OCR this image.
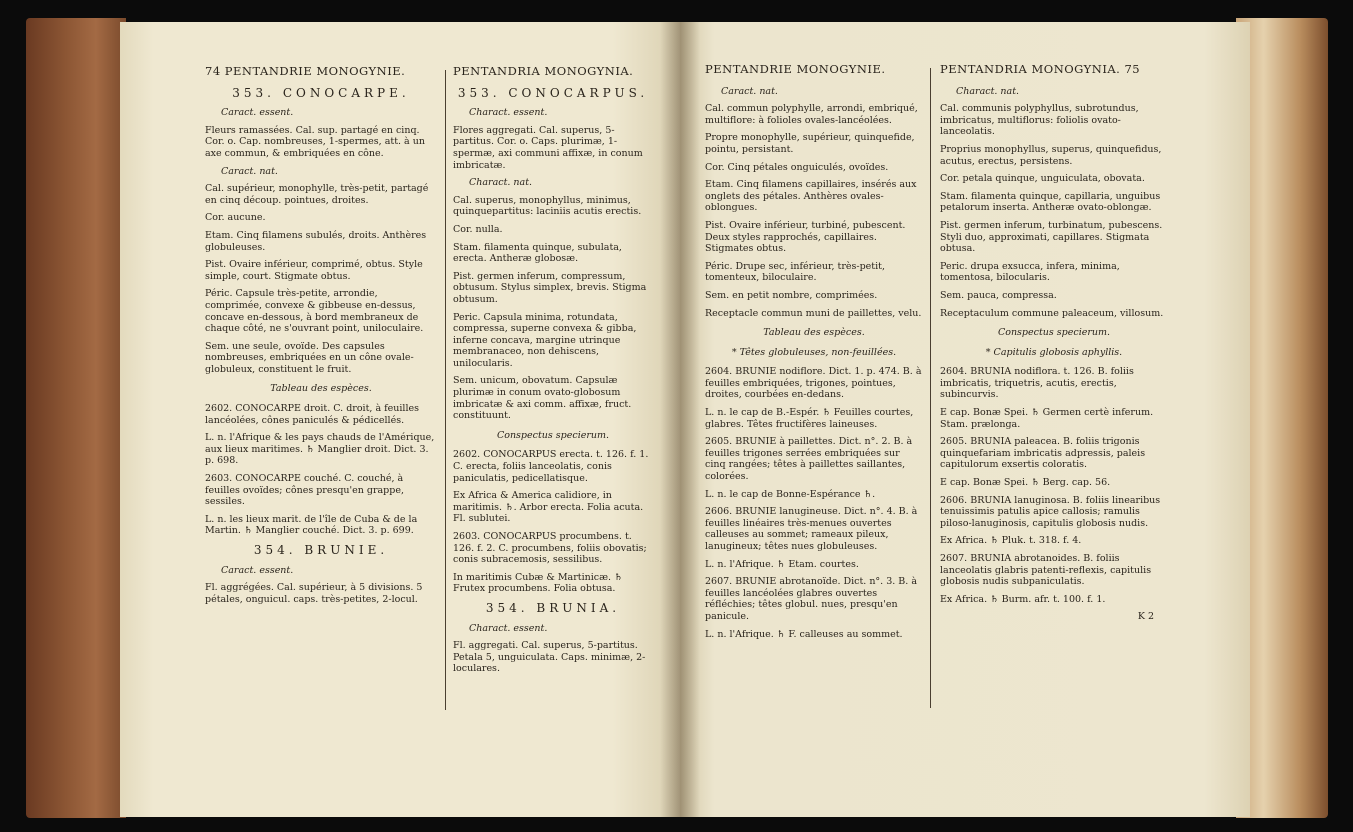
74 PENTANDRIE MONOGYNIE.
353. CONOCARPE.
Caract. essent.
Fleurs ramassées. Cal. sup. partagé en cinq. Cor. o. Cap. nombreuses, 1-spermes, att. à un axe commun, & embriquées en cône.
Caract. nat.
Cal. supérieur, monophylle, très-petit, partagé en cinq découp. pointues, droites.
Cor. aucune.
Etam. Cinq filamens subulés, droits. Anthères globuleuses.
Pist. Ovaire inférieur, comprimé, obtus. Style simple, court. Stigmate obtus.
Péric. Capsule très-petite, arrondie, comprimée, convexe & gibbeuse en-dessus, concave en-dessous, à bord membraneux de chaque côté, ne s'ouvrant point, uniloculaire.
Sem. une seule, ovoïde. Des capsules nombreuses, embriquées en un cône ovale-globuleux, constituent le fruit.
Tableau des espèces.
2602. CONOCARPE droit. C. droit, à feuilles lancéolées, cônes paniculés & pédicellés.
L. n. l'Afrique & les pays chauds de l'Amérique, aux lieux maritimes. ♄ Manglier droit. Dict. 3. p. 698.
2603. CONOCARPE couché. C. couché, à feuilles ovoïdes; cônes presqu'en grappe, sessiles.
L. n. les lieux marit. de l'île de Cuba & de la Martin. ♄ Manglier couché. Dict. 3. p. 699.
354. BRUNIE.
Caract. essent.
Fl. aggrégées. Cal. supérieur, à 5 divisions. 5 pétales, onguicul. caps. très-petites, 2-locul.
PENTANDRIA MONOGYNIA.
353. CONOCARPUS.
Charact. essent.
Flores aggregati. Cal. superus, 5-partitus. Cor. o. Caps. plurimæ, 1-spermæ, axi communi affixæ, in conum imbricatæ.
Charact. nat.
Cal. superus, monophyllus, minimus, quinquepartitus: laciniis acutis erectis.
Cor. nulla.
Stam. filamenta quinque, subulata, erecta. Antheræ globosæ.
Pist. germen inferum, compressum, obtusum. Stylus simplex, brevis. Stigma obtusum.
Peric. Capsula minima, rotundata, compressa, superne convexa & gibba, inferne concava, margine utrinque membranaceo, non dehiscens, unilocularis.
Sem. unicum, obovatum. Capsulæ plurimæ in conum ovato-globosum imbricatæ & axi comm. affixæ, fruct. constituunt.
Conspectus specierum.
2602. CONOCARPUS erecta. t. 126. f. 1. C. erecta, foliis lanceolatis, conis paniculatis, pedicellatisque.
Ex Africa & America calidiore, in maritimis. ♄. Arbor erecta. Folia acuta. Fl. sublutei.
2603. CONOCARPUS procumbens. t. 126. f. 2. C. procumbens, foliis obovatis; conis subracemosis, sessilibus.
In maritimis Cubæ & Martinicæ. ♄ Frutex procumbens. Folia obtusa.
354. BRUNIA.
Charact. essent.
Fl. aggregati. Cal. superus, 5-partitus. Petala 5, unguiculata. Caps. minimæ, 2-loculares.
PENTANDRIE MONOGYNIE.
Caract. nat.
Cal. commun polyphylle, arrondi, embriqué, multiflore: à folioles ovales-lancéolées.
Propre monophylle, supérieur, quinquefide, pointu, persistant.
Cor. Cinq pétales onguiculés, ovoïdes.
Etam. Cinq filamens capillaires, insérés aux onglets des pétales. Anthères ovales-oblongues.
Pist. Ovaire inférieur, turbiné, pubescent. Deux styles rapprochés, capillaires. Stigmates obtus.
Péric. Drupe sec, inférieur, très-petit, tomenteux, biloculaire.
Sem. en petit nombre, comprimées.
Receptacle commun muni de paillettes, velu.
Tableau des espèces.
* Têtes globuleuses, non-feuillées.
2604. BRUNIE nodiflore. Dict. 1. p. 474. B. à feuilles embriquées, trigones, pointues, droites, courbées en-dedans.
L. n. le cap de B.-Espér. ♄ Feuilles courtes, glabres. Têtes fructifères laineuses.
2605. BRUNIE à paillettes. Dict. n°. 2. B. à feuilles trigones serrées embriquées sur cinq rangées; têtes à paillettes saillantes, colorées.
L. n. le cap de Bonne-Espérance ♄.
2606. BRUNIE lanugineuse. Dict. n°. 4. B. à feuilles linéaires très-menues ouvertes calleuses au sommet; rameaux pileux, lanugineux; têtes nues globuleuses.
L. n. l'Afrique. ♄ Etam. courtes.
2607. BRUNIE abrotanoïde. Dict. n°. 3. B. à feuilles lancéolées glabres ouvertes réfléchies; têtes globul. nues, presqu'en panicule.
L. n. l'Afrique. ♄ F. calleuses au sommet.
PENTANDRIA MONOGYNIA. 75
Charact. nat.
Cal. communis polyphyllus, subrotundus, imbricatus, multiflorus: foliolis ovato-lanceolatis.
Proprius monophyllus, superus, quinquefidus, acutus, erectus, persistens.
Cor. petala quinque, unguiculata, obovata.
Stam. filamenta quinque, capillaria, unguibus petalorum inserta. Antheræ ovato-oblongæ.
Pist. germen inferum, turbinatum, pubescens. Styli duo, approximati, capillares. Stigmata obtusa.
Peric. drupa exsucca, infera, minima, tomentosa, bilocularis.
Sem. pauca, compressa.
Receptaculum commune paleaceum, villosum.
Conspectus specierum.
* Capitulis globosis aphyllis.
2604. BRUNIA nodiflora. t. 126. B. foliis imbricatis, triquetris, acutis, erectis, subincurvis.
E cap. Bonæ Spei. ♄ Germen certè inferum. Stam. prælonga.
2605. BRUNIA paleacea. B. foliis trigonis quinquefariam imbricatis adpressis, paleis capitulorum exsertis coloratis.
E cap. Bonæ Spei. ♄ Berg. cap. 56.
2606. BRUNIA lanuginosa. B. foliis linearibus tenuissimis patulis apice callosis; ramulis piloso-lanuginosis, capitulis globosis nudis.
Ex Africa. ♄ Pluk. t. 318. f. 4.
2607. BRUNIA abrotanoides. B. foliis lanceolatis glabris patenti-reflexis, capitulis globosis nudis subpaniculatis.
Ex Africa. ♄ Burm. afr. t. 100. f. 1.
K 2
